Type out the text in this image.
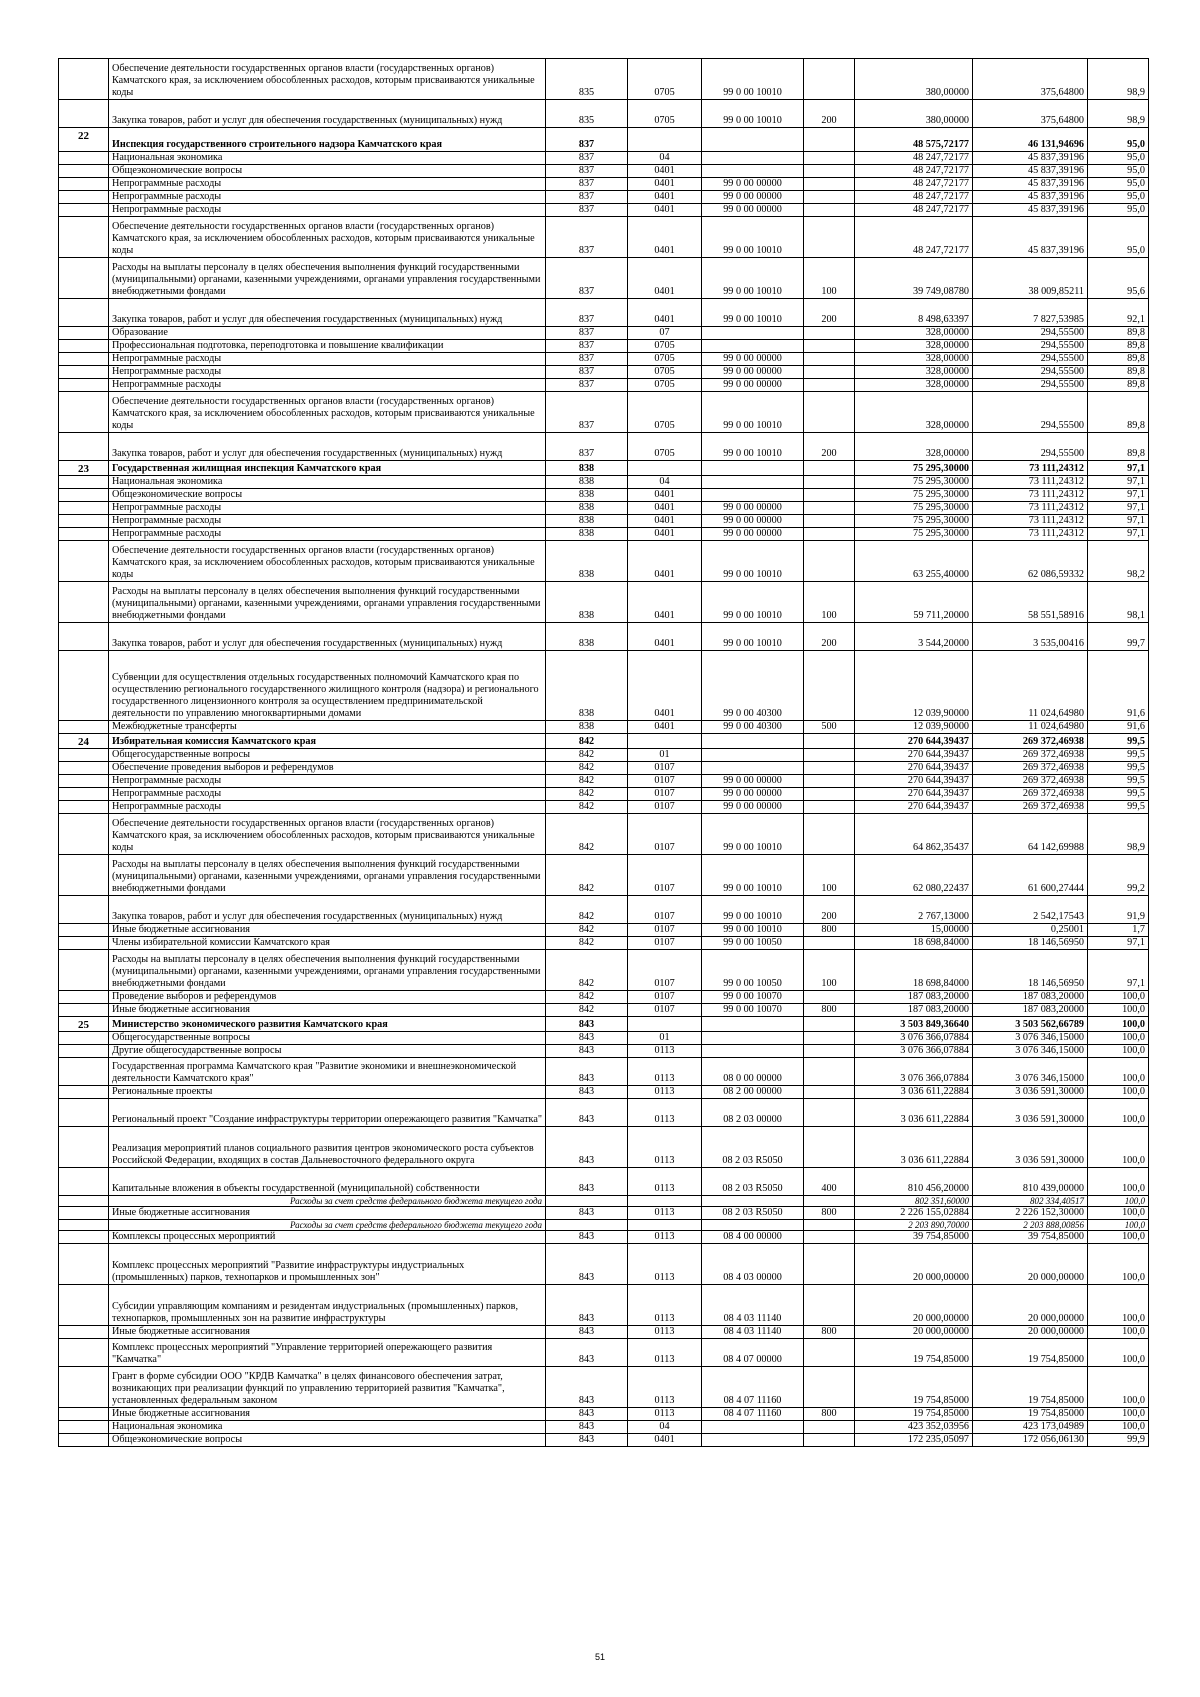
	Обеспечение деятельности государственных органов власти (государственных органов) Камчатского края, за исключением обособленных расходов, которым присваиваются уникальные коды	835	0705	99 0 00 10010		380,00000	375,64800	98,9
	Закупка товаров, работ и услуг для обеспечения государственных (муниципальных) нужд	835	0705	99 0 00 10010	200	380,00000	375,64800	98,9
22	Инспекция государственного строительного надзора Камчатского края	837				48 575,72177	46 131,94696	95,0
	Национальная экономика	837	04			48 247,72177	45 837,39196	95,0
	Общеэкономические вопросы	837	0401			48 247,72177	45 837,39196	95,0
	Непрограммные расходы	837	0401	99 0 00 00000		48 247,72177	45 837,39196	95,0
	Непрограммные расходы	837	0401	99 0 00 00000		48 247,72177	45 837,39196	95,0
	Непрограммные расходы	837	0401	99 0 00 00000		48 247,72177	45 837,39196	95,0
	Обеспечение деятельности государственных органов власти (государственных органов) Камчатского края, за исключением обособленных расходов, которым присваиваются уникальные коды	837	0401	99 0 00 10010		48 247,72177	45 837,39196	95,0
	Расходы на выплаты персоналу в целях обеспечения выполнения функций государственными (муниципальными) органами, казенными учреждениями, органами управления государственными внебюджетными фондами	837	0401	99 0 00 10010	100	39 749,08780	38 009,85211	95,6
	Закупка товаров, работ и услуг для обеспечения государственных (муниципальных) нужд	837	0401	99 0 00 10010	200	8 498,63397	7 827,53985	92,1
	Образование	837	07			328,00000	294,55500	89,8
	Профессиональная подготовка, переподготовка и повышение квалификации	837	0705			328,00000	294,55500	89,8
	Непрограммные расходы	837	0705	99 0 00 00000		328,00000	294,55500	89,8
	Непрограммные расходы	837	0705	99 0 00 00000		328,00000	294,55500	89,8
	Непрограммные расходы	837	0705	99 0 00 00000		328,00000	294,55500	89,8
	Обеспечение деятельности государственных органов власти (государственных органов) Камчатского края, за исключением обособленных расходов, которым присваиваются уникальные коды	837	0705	99 0 00 10010		328,00000	294,55500	89,8
	Закупка товаров, работ и услуг для обеспечения государственных (муниципальных) нужд	837	0705	99 0 00 10010	200	328,00000	294,55500	89,8
23	Государственная жилищная инспекция Камчатского края	838				75 295,30000	73 111,24312	97,1
	Национальная экономика	838	04			75 295,30000	73 111,24312	97,1
	Общеэкономические вопросы	838	0401			75 295,30000	73 111,24312	97,1
	Непрограммные расходы	838	0401	99 0 00 00000		75 295,30000	73 111,24312	97,1
	Непрограммные расходы	838	0401	99 0 00 00000		75 295,30000	73 111,24312	97,1
	Непрограммные расходы	838	0401	99 0 00 00000		75 295,30000	73 111,24312	97,1
	Обеспечение деятельности государственных органов власти (государственных органов) Камчатского края, за исключением обособленных расходов, которым присваиваются уникальные коды	838	0401	99 0 00 10010		63 255,40000	62 086,59332	98,2
	Расходы на выплаты персоналу в целях обеспечения выполнения функций государственными (муниципальными) органами, казенными учреждениями, органами управления государственными внебюджетными фондами	838	0401	99 0 00 10010	100	59 711,20000	58 551,58916	98,1
	Закупка товаров, работ и услуг для обеспечения государственных (муниципальных) нужд	838	0401	99 0 00 10010	200	3 544,20000	3 535,00416	99,7
	Субвенции для осуществления отдельных государственных полномочий Камчатского края по осуществлению регионального государственного жилищного контроля (надзора) и регионального государственного лицензионного контроля за осуществлением предпринимательской деятельности по управлению многоквартирными домами	838	0401	99 0 00 40300		12 039,90000	11 024,64980	91,6
	Межбюджетные трансферты	838	0401	99 0 00 40300	500	12 039,90000	11 024,64980	91,6
24	Избирательная комиссия Камчатского края	842				270 644,39437	269 372,46938	99,5
	Общегосударственные вопросы	842	01			270 644,39437	269 372,46938	99,5
	Обеспечение проведения выборов и референдумов	842	0107			270 644,39437	269 372,46938	99,5
	Непрограммные расходы	842	0107	99 0 00 00000		270 644,39437	269 372,46938	99,5
	Непрограммные расходы	842	0107	99 0 00 00000		270 644,39437	269 372,46938	99,5
	Непрограммные расходы	842	0107	99 0 00 00000		270 644,39437	269 372,46938	99,5
	Обеспечение деятельности государственных органов власти (государственных органов) Камчатского края, за исключением обособленных расходов, которым присваиваются уникальные коды	842	0107	99 0 00 10010		64 862,35437	64 142,69988	98,9
	Расходы на выплаты персоналу в целях обеспечения выполнения функций государственными (муниципальными) органами, казенными учреждениями, органами управления государственными внебюджетными фондами	842	0107	99 0 00 10010	100	62 080,22437	61 600,27444	99,2
	Закупка товаров, работ и услуг для обеспечения государственных (муниципальных) нужд	842	0107	99 0 00 10010	200	2 767,13000	2 542,17543	91,9
	Иные бюджетные ассигнования	842	0107	99 0 00 10010	800	15,00000	0,25001	1,7
	Члены избирательной комиссии Камчатского края	842	0107	99 0 00 10050		18 698,84000	18 146,56950	97,1
	Расходы на выплаты персоналу в целях обеспечения выполнения функций государственными (муниципальными) органами, казенными учреждениями, органами управления государственными внебюджетными фондами	842	0107	99 0 00 10050	100	18 698,84000	18 146,56950	97,1
	Проведение выборов и референдумов	842	0107	99 0 00 10070		187 083,20000	187 083,20000	100,0
	Иные бюджетные ассигнования	842	0107	99 0 00 10070	800	187 083,20000	187 083,20000	100,0
25	Министерство экономического развития Камчатского края	843				3 503 849,36640	3 503 562,66789	100,0
	Общегосударственные вопросы	843	01			3 076 366,07884	3 076 346,15000	100,0
	Другие общегосударственные вопросы	843	0113			3 076 366,07884	3 076 346,15000	100,0
	Государственная программа Камчатского края "Развитие экономики и внешнеэкономической деятельности Камчатского края"	843	0113	08 0 00 00000		3 076 366,07884	3 076 346,15000	100,0
	Региональные проекты	843	0113	08 2 00 00000		3 036 611,22884	3 036 591,30000	100,0
	Региональный проект "Создание инфраструктуры территории опережающего развития "Камчатка"	843	0113	08 2 03 00000		3 036 611,22884	3 036 591,30000	100,0
	Реализация мероприятий планов социального развития центров экономического роста субъектов Российской Федерации, входящих в состав Дальневосточного федерального округа	843	0113	08 2 03 R5050		3 036 611,22884	3 036 591,30000	100,0
	Капитальные вложения в объекты государственной (муниципальной) собственности	843	0113	08 2 03 R5050	400	810 456,20000	810 439,00000	100,0
	Расходы за счет средств федерального бюджета текущего года					802 351,60000	802 334,40517	100,0
	Иные бюджетные ассигнования	843	0113	08 2 03 R5050	800	2 226 155,02884	2 226 152,30000	100,0
	Расходы за счет средств федерального бюджета текущего года					2 203 890,70000	2 203 888,00856	100,0
	Комплексы процессных мероприятий	843	0113	08 4 00 00000		39 754,85000	39 754,85000	100,0
	Комплекс процессных мероприятий "Развитие инфраструктуры индустриальных (промышленных) парков, технопарков и промышленных зон"	843	0113	08 4 03 00000		20 000,00000	20 000,00000	100,0
	Субсидии управляющим компаниям и резидентам индустриальных (промышленных) парков, технопарков, промышленных зон на развитие инфраструктуры	843	0113	08 4 03 11140		20 000,00000	20 000,00000	100,0
	Иные бюджетные ассигнования	843	0113	08 4 03 11140	800	20 000,00000	20 000,00000	100,0
	Комплекс процессных мероприятий "Управление территорией опережающего развития "Камчатка"	843	0113	08 4 07 00000		19 754,85000	19 754,85000	100,0
	Грант в форме субсидии ООО "КРДВ Камчатка" в целях финансового обеспечения затрат, возникающих при реализации функций по управлению территорией развития "Камчатка", установленных федеральным законом	843	0113	08 4 07 11160		19 754,85000	19 754,85000	100,0
	Иные бюджетные ассигнования	843	0113	08 4 07 11160	800	19 754,85000	19 754,85000	100,0
	Национальная экономика	843	04			423 352,03956	423 173,04989	100,0
	Общеэкономические вопросы	843	0401			172 235,05097	172 056,06130	99,9
51
